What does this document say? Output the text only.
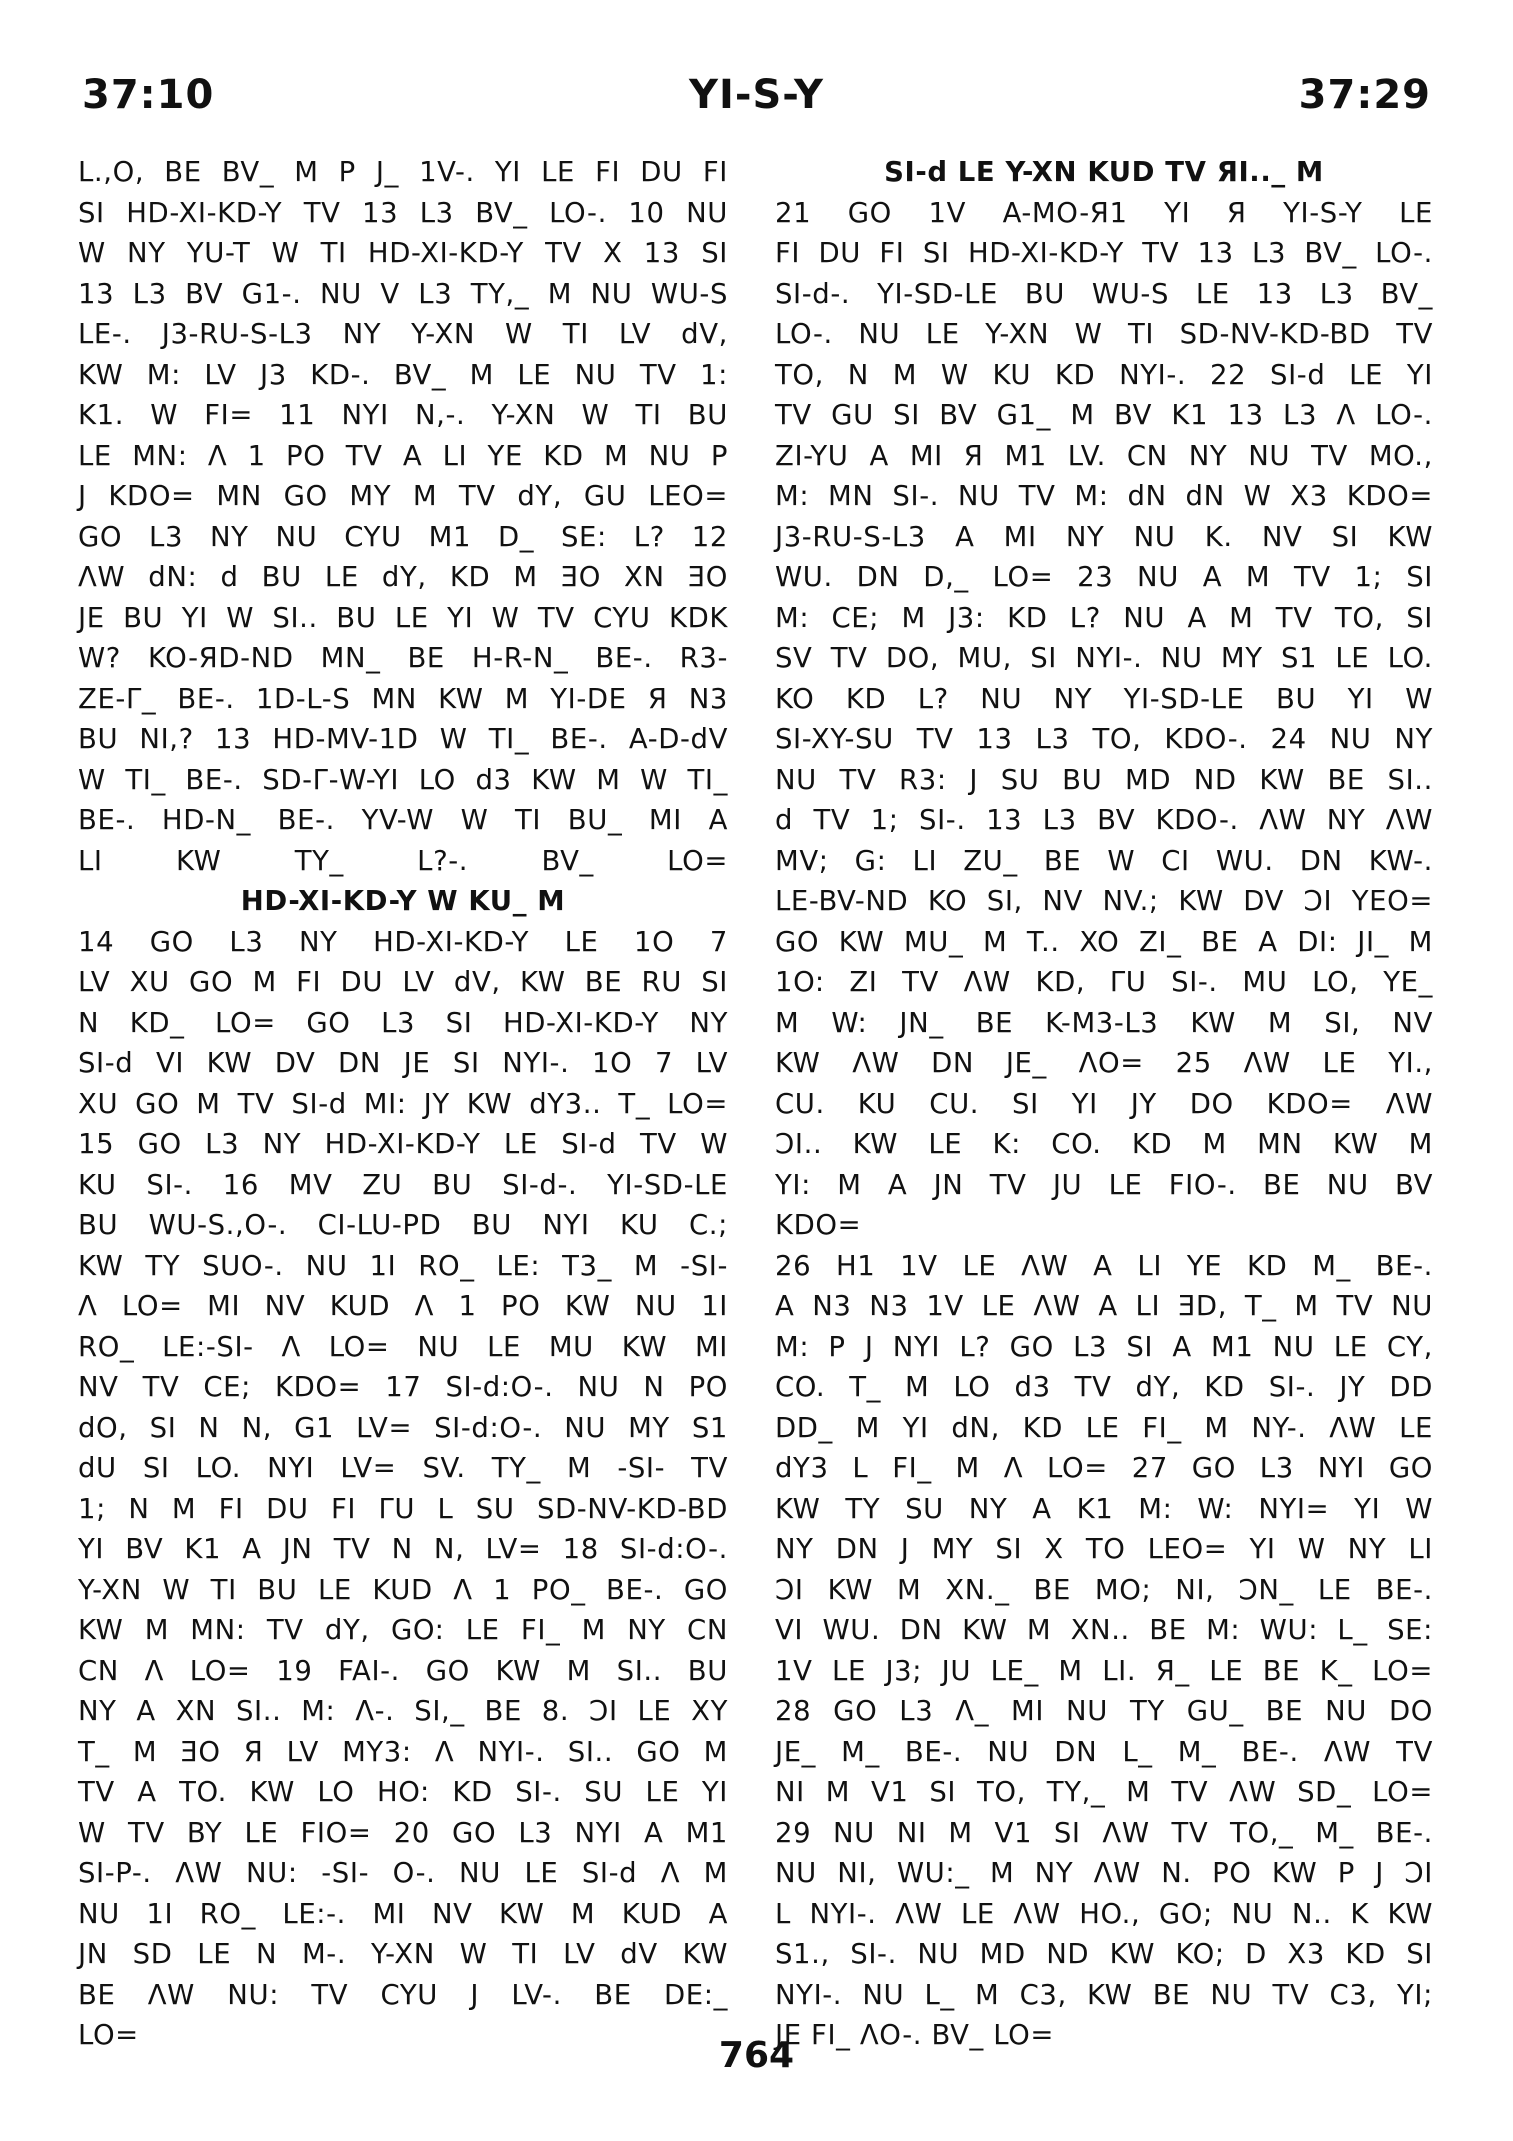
37:10	YI-S-Y	37:29
L.,O, BE BV_ M P J_ 1V-. YI LE FI DU FI
SI HD-XI-KD-Y TV 13 L3 BV_ LO-. 10 NU
W NY YU-T W TI HD-XI-KD-Y TV X 13 SI
13 L3 BV G1-. NU V L3 TY,_ M NU WU-S
LE-. J3-RU-S-L3 NY Y-XN W TI LV dV,
KW M: LV J3 KD-. BV_ M LE NU TV 1:
K1. W FI= 11 NYI N,-. Y-XN W TI BU
LE MN: Λ 1 PO TV A LI YE KD M NU P
J KDO= MN GO MY M TV dY, GU LEO=
GO L3 NY NU CYU M1 D_ SE: L? 12
ΛW dN: d BU LE dY, KD M ƎO XN ƎO
JE BU YI W SI.. BU LE YI W TV CYU KDK
W? KO-ЯD-ND MN_ BE H-R-N_ BE-. R3-
ZE-Γ_ BE-. 1D-L-S MN KW M YI-DE Я N3
BU NI,? 13 HD-MV-1D W TI_ BE-. A-D-dV
W TI_ BE-. SD-Γ-W-YI LO d3 KW M W TI_
BE-. HD-N_ BE-. YV-W W TI BU_ MI A
LI KW TY_ L?-. BV_ LO=
HD-XI-KD-Y W KU_ M
14 GO L3 NY HD-XI-KD-Y LE 1O 7
LV XU GO M FI DU LV dV, KW BE RU SI
N KD_ LO= GO L3 SI HD-XI-KD-Y NY
SI-d VI KW DV DN JE SI NYI-. 1O 7 LV
XU GO M TV SI-d MI: JY KW dY3.. T_ LO=
15 GO L3 NY HD-XI-KD-Y LE SI-d TV W
KU SI-. 16 MV ZU BU SI-d-. YI-SD-LE
BU WU-S.,O-. CI-LU-PD BU NYI KU C.;
KW TY SUO-. NU 1I RO_ LE: T3_ M -SI-
Λ LO= MI NV KUD Λ 1 PO KW NU 1I
RO_ LE:-SI- Λ LO= NU LE MU KW MI
NV TV CE; KDO= 17 SI-d:O-. NU N PO
dO, SI N N, G1 LV= SI-d:O-. NU MY S1
dU SI LO. NYI LV= SV. TY_ M -SI- TV
1; N M FI DU FI ΓU L SU SD-NV-KD-BD
YI BV K1 A JN TV N N, LV= 18 SI-d:O-.
Y-XN W TI BU LE KUD Λ 1 PO_ BE-. GO
KW M MN: TV dY, GO: LE FI_ M NY CN
CN Λ LO= 19 FAI-. GO KW M SI.. BU
NY A XN SI.. M: Λ-. SI,_ BE 8. ƆI LE XY
T_ M ƎO Я LV MY3: Λ NYI-. SI.. GO M
TV A TO. KW LO HO: KD SI-. SU LE YI
W TV BY LE FIO= 20 GO L3 NYI A M1
SI-P-. ΛW NU: -SI- O-. NU LE SI-d Λ M
NU 1I RO_ LE:-. MI NV KW M KUD A
JN SD LE N M-. Y-XN W TI LV dV KW
BE ΛW NU: TV CYU J LV-. BE DE:_
LO=
SI-d LE Y-XN KUD TV ЯI.._ M
21 GO 1V A-MO-Я1 YI Я YI-S-Y LE
FI DU FI SI HD-XI-KD-Y TV 13 L3 BV_ LO-.
SI-d-. YI-SD-LE BU WU-S LE 13 L3 BV_
LO-. NU LE Y-XN W TI SD-NV-KD-BD TV
TO, N M W KU KD NYI-. 22 SI-d LE YI
TV GU SI BV G1_ M BV K1 13 L3 Λ LO-.
ZI-YU A MI Я M1 LV. CN NY NU TV MO.,
M: MN SI-. NU TV M: dN dN W X3 KDO=
J3-RU-S-L3 A MI NY NU K. NV SI KW
WU. DN D,_ LO= 23 NU A M TV 1; SI
M: CE; M J3: KD L? NU A M TV TO, SI
SV TV DO, MU, SI NYI-. NU MY S1 LE LO.
KO KD L? NU NY YI-SD-LE BU YI W
SI-XY-SU TV 13 L3 TO, KDO-. 24 NU NY
NU TV R3: J SU BU MD ND KW BE SI..
d TV 1; SI-. 13 L3 BV KDO-. ΛW NY ΛW
MV; G: LI ZU_ BE W CI WU. DN KW-.
LE-BV-ND KO SI, NV NV.; KW DV ƆI YEO=
GO KW MU_ M T.. XO ZI_ BE A DI: JI_ M
1O: ZI TV ΛW KD, ΓU SI-. MU LO, YE_
M W: JN_ BE K-M3-L3 KW M SI, NV
KW ΛW DN JE_ ΛO= 25 ΛW LE YI.,
CU. KU CU. SI YI JY DO KDO= ΛW
ƆI.. KW LE K: CO. KD M MN KW M
YI: M A JN TV JU LE FIO-. BE NU BV
KDO=
26 H1 1V LE ΛW A LI YE KD M_ BE-.
A N3 N3 1V LE ΛW A LI ƎD, T_ M TV NU
M: P J NYI L? GO L3 SI A M1 NU LE CY,
CO. T_ M LO d3 TV dY, KD SI-. JY DD
DD_ M YI dN, KD LE FI_ M NY-. ΛW LE
dY3 L FI_ M Λ LO= 27 GO L3 NYI GO
KW TY SU NY A K1 M: W: NYI= YI W
NY DN J MY SI X TO LEO= YI W NY LI
ƆI KW M XN._ BE MO; NI, ƆN_ LE BE-.
VI WU. DN KW M XN.. BE M: WU: L_ SE:
1V LE J3; JU LE_ M LI. Я_ LE BE K_ LO=
28 GO L3 Λ_ MI NU TY GU_ BE NU DO
JE_ M_ BE-. NU DN L_ M_ BE-. ΛW TV
NI M V1 SI TO, TY,_ M TV ΛW SD_ LO=
29 NU NI M V1 SI ΛW TV TO,_ M_ BE-.
NU NI, WU:_ M NY ΛW N. PO KW P J ƆI
L NYI-. ΛW LE ΛW HO., GO; NU N.. K KW
S1., SI-. NU MD ND KW KO; D X3 KD SI
NYI-. NU L_ M C3, KW BE NU TV C3, YI;
JE FI_ ΛO-. BV_ LO=
764
